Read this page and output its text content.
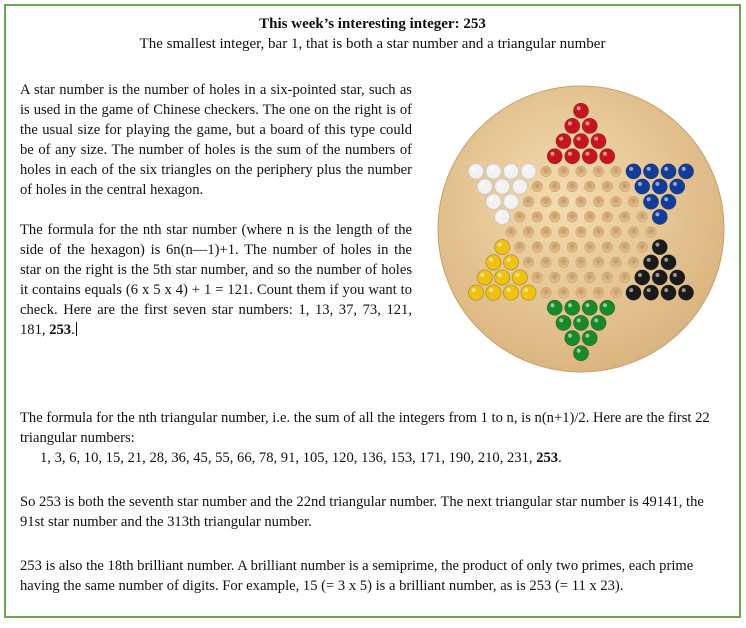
This week’s interesting integer: 253
The smallest integer, bar 1, that is both a star number and a triangular number

A star number is the number of holes in a six-pointed star, such as is used in the game of Chinese checkers. The one on the right is of the usual size for playing the game, but a board of this type could be of any size. The number of holes is the sum of the numbers of holes in each of the six triangles on the periphery plus the number of holes in the central hexagon.

The formula for the nth star number (where n is the length of the side of the hexagon) is 6n(n—1)+1. The number of holes in the star on the right is the 5th star number, and so the number of holes it contains equals (6 x 5 x 4) + 1 = 121. Count them if you want to check. Here are the first seven star numbers: 1, 13, 37, 73, 121, 181, 253.

The formula for the nth triangular number, i.e. the sum of all the integers from 1 to n, is n(n+1)/2. Here are the first 22 triangular numbers:

1, 3, 6, 10, 15, 21, 28, 36, 45, 55, 66, 78, 91, 105, 120, 136, 153, 171, 190, 210, 231, 253.

So 253 is both the seventh star number and the 22nd triangular number. The next triangular star number is 49141, the 91st star number and the 313th triangular number.

253 is also the 18th brilliant number. A brilliant number is a semiprime, the product of only two primes, each prime having the same number of digits. For example, 15 (= 3 x 5) is a brilliant number, as is 253 (= 11 x 23).
